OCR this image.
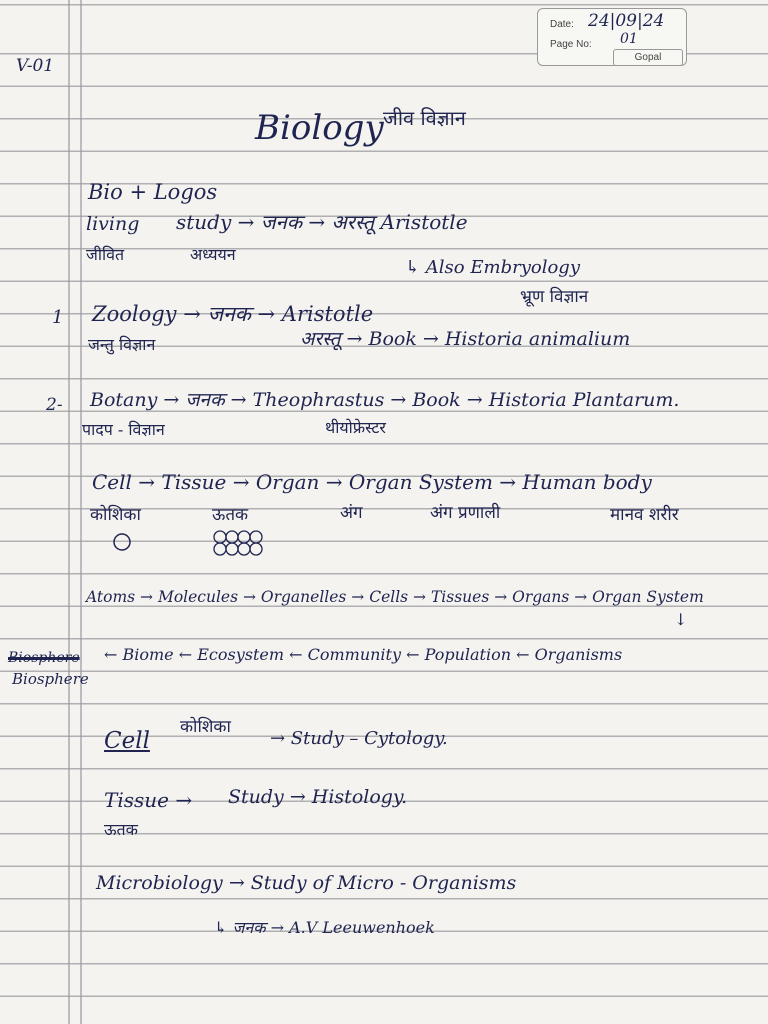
Date: 24|09|24
Page No: 01
Gopal
V-01
Biology जीव विज्ञान
Bio + Logos
living study → जनक → अरस्तू Aristotle
जीवित	अध्ययन
↳ Also Embryology
भ्रूण विज्ञान
1 Zoology → जनक → Aristotle
जन्तु विज्ञान	अरस्तू → Book → Historia animalium
2- Botany → जनक → Theophrastus → Book → Historia Plantarum.
पादप - विज्ञान	थीयोफ्रेस्टर
Cell → Tissue → Organ → Organ System → Human body
कोशिका	ऊतक	अंग	अंग प्रणाली	मानव शरीर
Atoms → Molecules → Organelles → Cells → Tissues → Organs → Organ System
↓
Biosphere ← Biome ← Ecosystem ← Community ← Population ← Organisms
Biosphere
Cell
कोशिका
→ Study – Cytology.
Tissue → Study → Histology.
ऊतक
Microbiology → Study of Micro - Organisms
↳ जनक → A.V Leeuwenhoek
